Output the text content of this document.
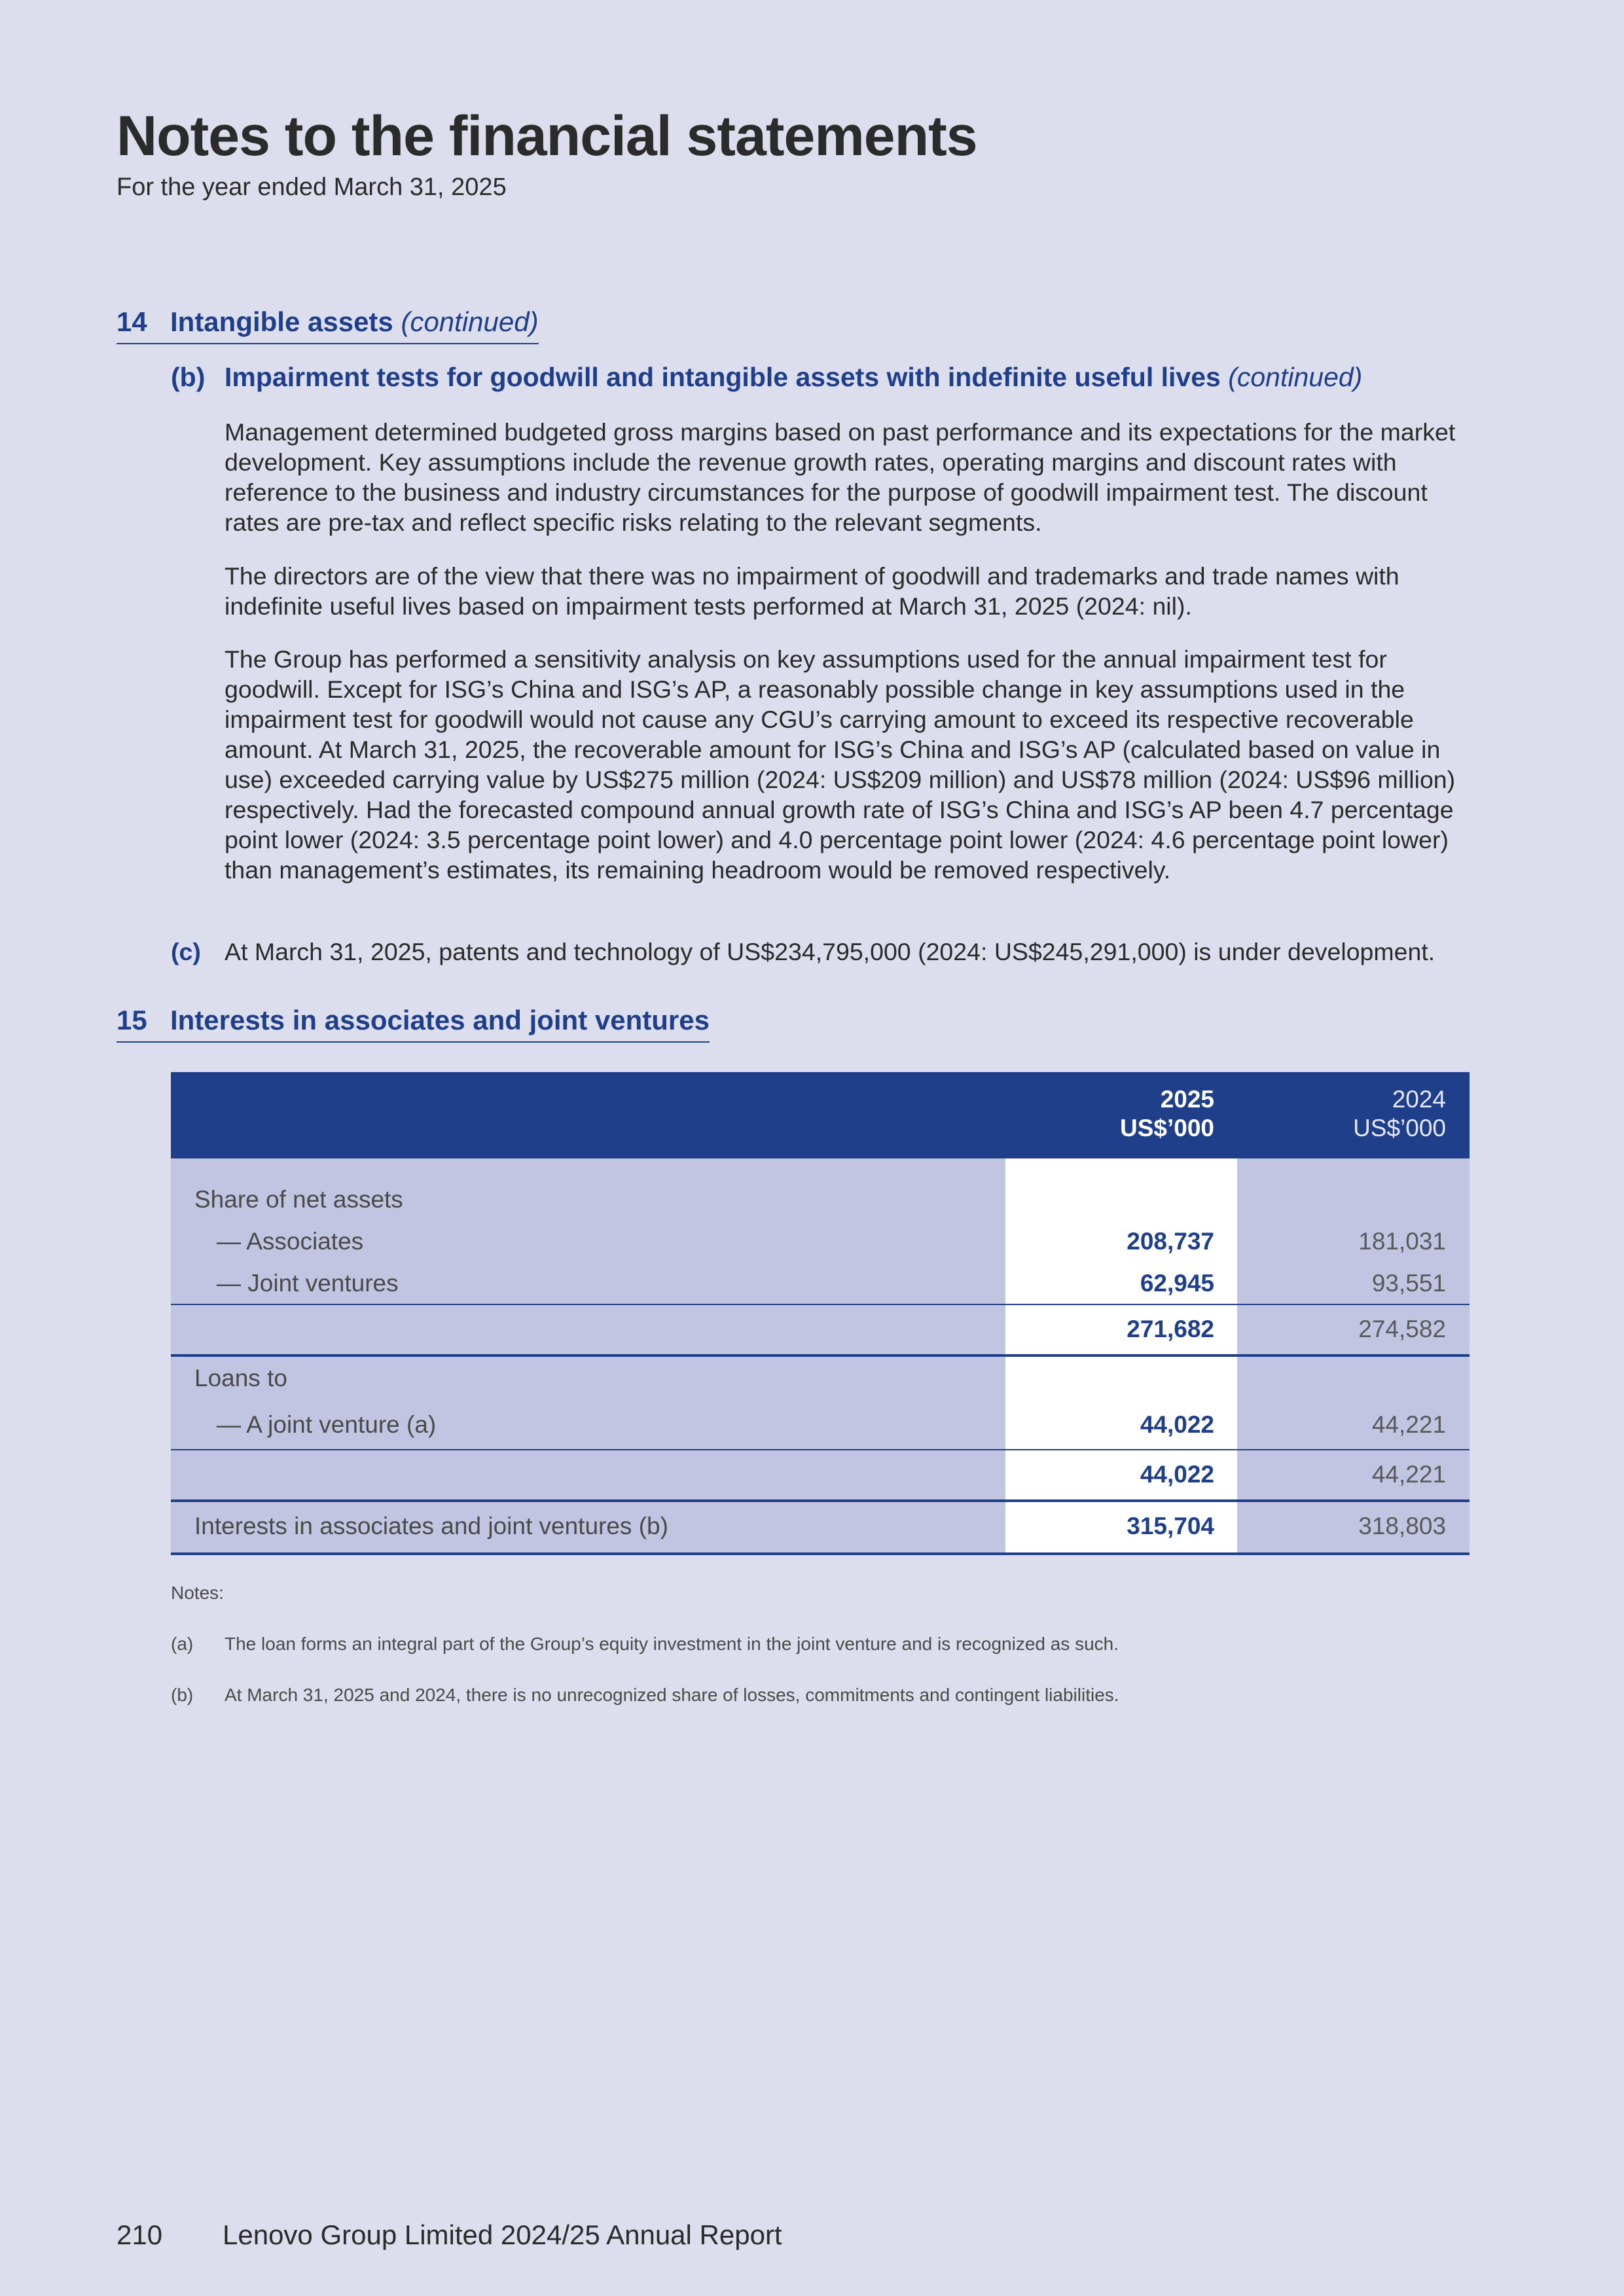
Notes to the financial statements
For the year ended March 31, 2025
14 Intangible assets (continued)
(b) Impairment tests for goodwill and intangible assets with indefinite useful lives (continued)

Management determined budgeted gross margins based on past performance and its expectations for the market development. Key assumptions include the revenue growth rates, operating margins and discount rates with reference to the business and industry circumstances for the purpose of goodwill impairment test. The discount rates are pre-tax and reflect specific risks relating to the relevant segments.

The directors are of the view that there was no impairment of goodwill and trademarks and trade names with indefinite useful lives based on impairment tests performed at March 31, 2025 (2024: nil).

The Group has performed a sensitivity analysis on key assumptions used for the annual impairment test for goodwill. Except for ISG’s China and ISG’s AP, a reasonably possible change in key assumptions used in the impairment test for goodwill would not cause any CGU’s carrying amount to exceed its respective recoverable amount. At March 31, 2025, the recoverable amount for ISG’s China and ISG’s AP (calculated based on value in use) exceeded carrying value by US$275 million (2024: US$209 million) and US$78 million (2024: US$96 million) respectively. Had the forecasted compound annual growth rate of ISG’s China and ISG’s AP been 4.7 percentage point lower (2024: 3.5 percentage point lower) and 4.0 percentage point lower (2024: 4.6 percentage point lower) than management’s estimates, its remaining headroom would be removed respectively.

(c) At March 31, 2025, patents and technology of US$234,795,000 (2024: US$245,291,000) is under development.
15 Interests in associates and joint ventures
2025
US$’000
2024
US$’000
Share of net assets
— Associates	208,737	181,031
— Joint ventures	62,945	93,551
271,682	274,582
Loans to
— A joint venture (a)	44,022	44,221
44,022	44,221
Interests in associates and joint ventures (b)	315,704	318,803
Notes:
(a) The loan forms an integral part of the Group’s equity investment in the joint venture and is recognized as such.
(b) At March 31, 2025 and 2024, there is no unrecognized share of losses, commitments and contingent liabilities.
210 Lenovo Group Limited 2024/25 Annual Report
